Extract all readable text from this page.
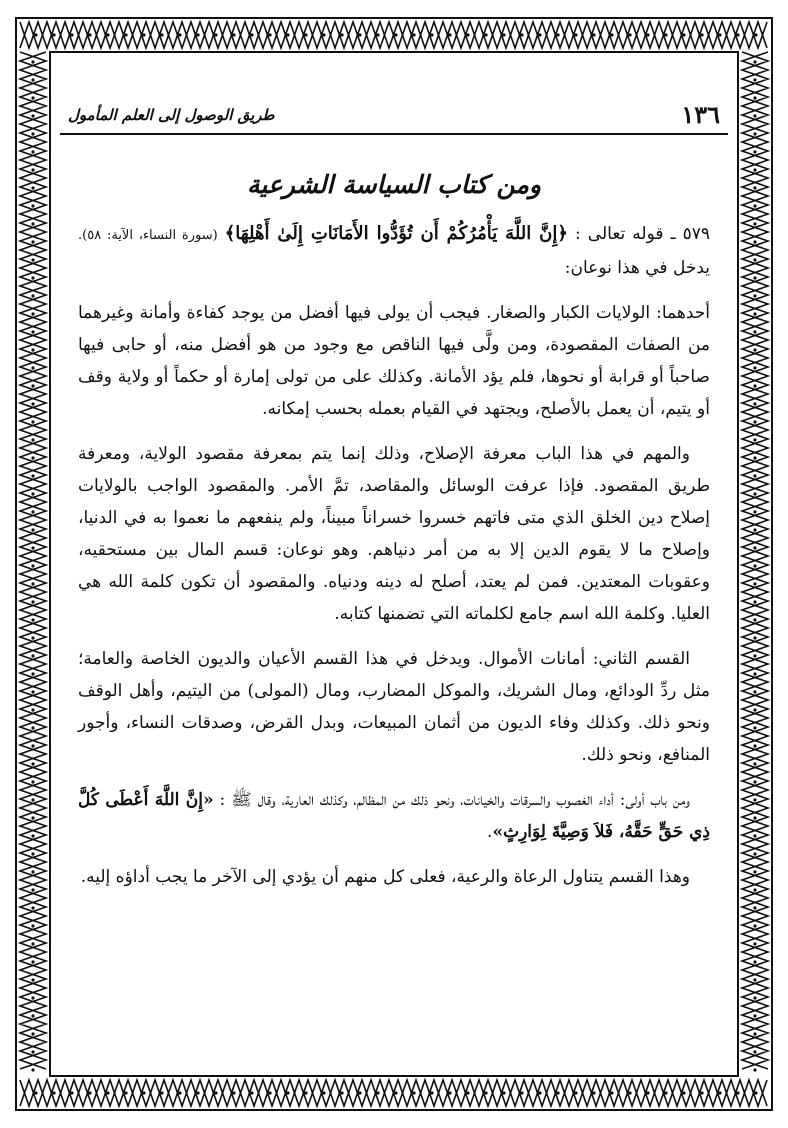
١٣٦
طريق الوصول إلى العلم المأمول
ومن كتاب السياسة الشرعية

٥٧٩ ـ قوله تعالى : ﴿إِنَّ اللَّهَ يَأْمُرُكُمْ أَن تُؤَدُّوا الأَمَانَاتِ إِلَىٰ أَهْلِهَا﴾ (سورة النساء، الآية: ٥٨). يدخل في هذا نوعان:

أحدهما: الولايات الكبار والصغار. فيجب أن يولى فيها أفضل من يوجد كفاءة وأمانة وغيرهما من الصفات المقصودة، ومن ولَّى فيها الناقص مع وجود من هو أفضل منه، أو حابى فيها صاحباً أو قرابة أو نحوها، فلم يؤد الأمانة. وكذلك على من تولى إمارة أو حكماً أو ولاية وقف أو يتيم، أن يعمل بالأصلح، ويجتهد في القيام بعمله بحسب إمكانه.

والمهم في هذا الباب معرفة الإصلاح، وذلك إنما يتم بمعرفة مقصود الولاية، ومعرفة طريق المقصود. فإذا عرفت الوسائل والمقاصد، تمَّ الأمر. والمقصود الواجب بالولايات إصلاح دين الخلق الذي متى فاتهم خسروا خسراناً مبيناً، ولم ينفعهم ما نعموا به في الدنيا، وإصلاح ما لا يقوم الدين إلا به من أمر دنياهم. وهو نوعان: قسم المال بين مستحقيه، وعقوبات المعتدين. فمن لم يعتد، أصلح له دينه ودنياه. والمقصود أن تكون كلمة الله هي العليا. وكلمة الله اسم جامع لكلماته التي تضمنها كتابه.

القسم الثاني: أمانات الأموال. ويدخل في هذا القسم الأعيان والديون الخاصة والعامة؛ مثل ردِّ الودائع، ومال الشريك، والموكل المضارب، ومال (المولى) من اليتيم، وأهل الوقف ونحو ذلك. وكذلك وفاء الديون من أثمان المبيعات، وبدل القرض، وصدقات النساء، وأجور المنافع، ونحو ذلك.

ومن باب أولى: أداء الغصوب والسرقات والخيانات، ونحو ذلك من المظالم، وكذلك العارية، وقال ﷺ : «إِنَّ اللَّهَ أَعْطَى كُلَّ ذِي حَقٍّ حَقَّهُ، فَلاَ وَصِيَّةَ لِوَارِثٍ».

وهذا القسم يتناول الرعاة والرعية، فعلى كل منهم أن يؤدي إلى الآخر ما يجب أداؤه إليه.
